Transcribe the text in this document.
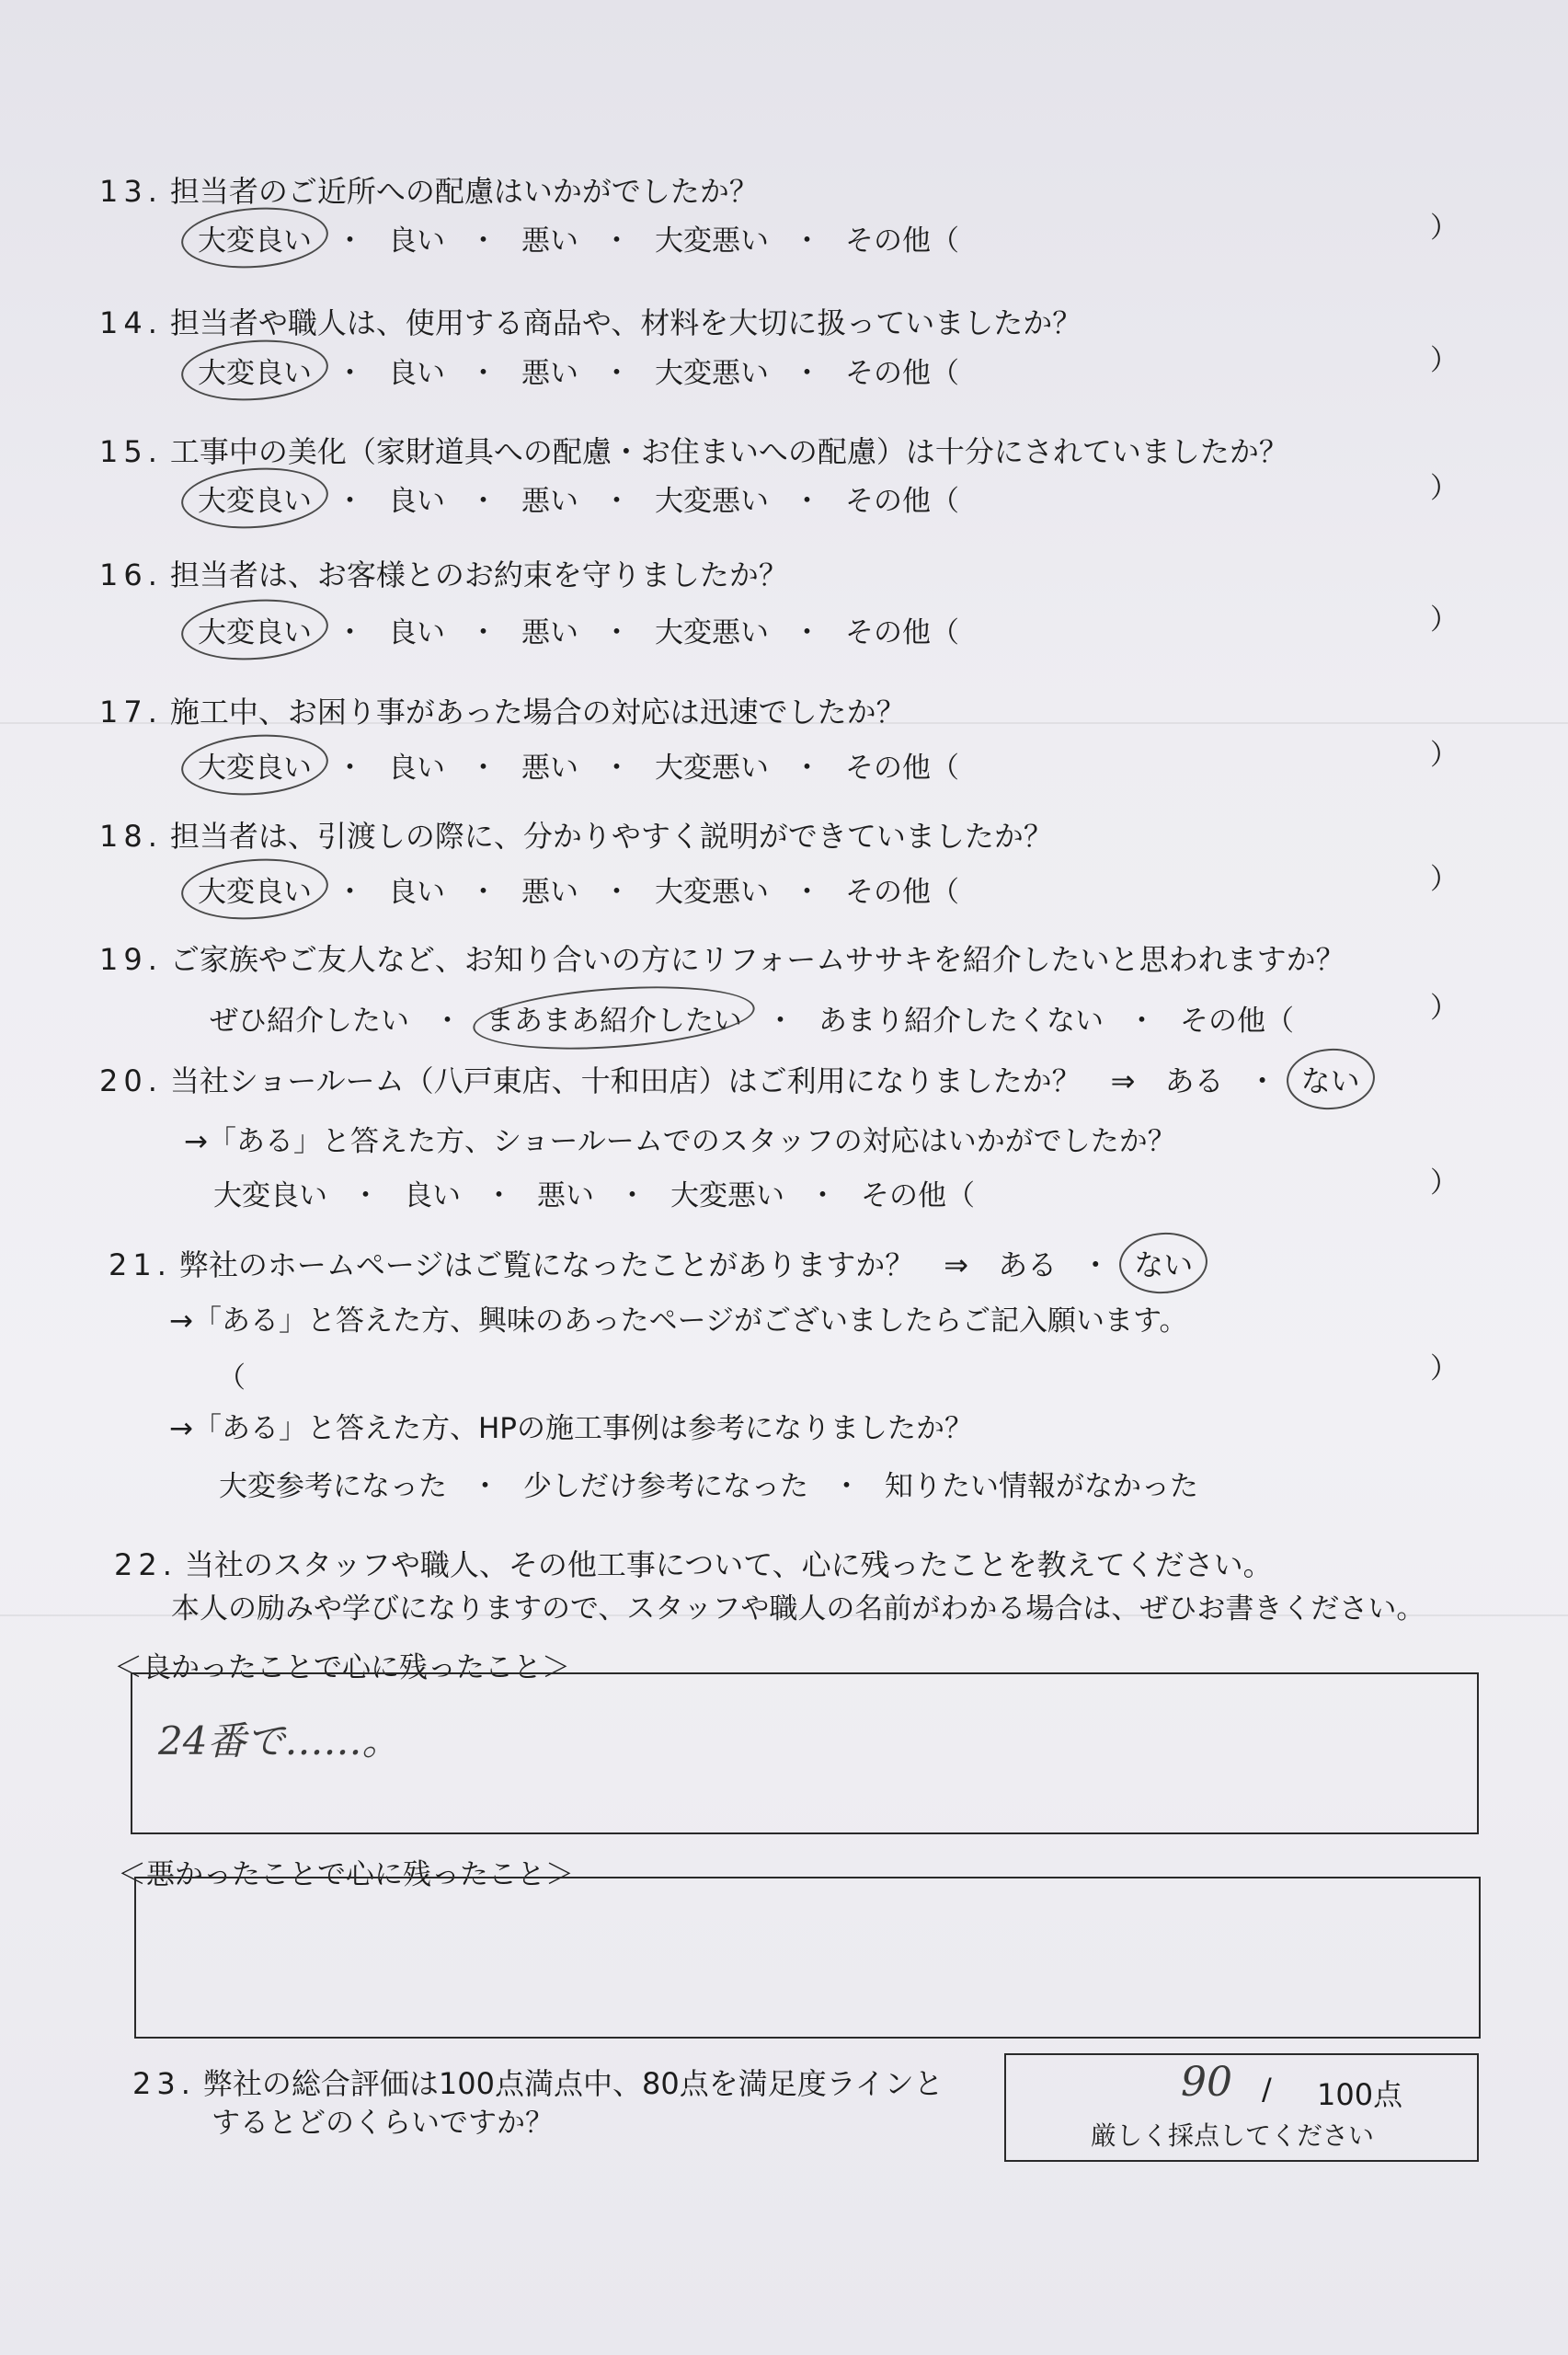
13. 担当者のご近所への配慮はいかがでしたか？
大変良い ・ 良い ・ 悪い ・ 大変悪い ・ その他（	）
14. 担当者や職人は、使用する商品や、材料を大切に扱っていましたか？
大変良い ・ 良い ・ 悪い ・ 大変悪い ・ その他（	）
15. 工事中の美化（家財道具への配慮・お住まいへの配慮）は十分にされていましたか？
大変良い ・ 良い ・ 悪い ・ 大変悪い ・ その他（	）
16. 担当者は、お客様とのお約束を守りましたか？
大変良い ・ 良い ・ 悪い ・ 大変悪い ・ その他（	）
17. 施工中、お困り事があった場合の対応は迅速でしたか？
大変良い ・ 良い ・ 悪い ・ 大変悪い ・ その他（	）
18. 担当者は、引渡しの際に、分かりやすく説明ができていましたか？
大変良い ・ 良い ・ 悪い ・ 大変悪い ・ その他（	）
19. ご家族やご友人など、お知り合いの方にリフォームササキを紹介したいと思われますか？
ぜひ紹介したい ・ まあまあ紹介したい ・ あまり紹介したくない ・ その他（	）
20. 当社ショールーム（八戸東店、十和田店）はご利用になりましたか？　⇒ ある ・ ない
→「ある」と答えた方、ショールームでのスタッフの対応はいかがでしたか？
大変良い ・ 良い ・ 悪い ・ 大変悪い ・ その他（	）
21. 弊社のホームページはご覧になったことがありますか？　⇒ ある ・ ない
→「ある」と答えた方、興味のあったページがございましたらご記入願います。
（	）
→「ある」と答えた方、HPの施工事例は参考になりましたか？
大変参考になった ・ 少しだけ参考になった ・ 知りたい情報がなかった
22. 当社のスタッフや職人、その他工事について、心に残ったことを教えてください。
本人の励みや学びになりますので、スタッフや職人の名前がわかる場合は、ぜひお書きください。
＜良かったことで心に残ったこと＞
24番で……。
＜悪かったことで心に残ったこと＞
23. 弊社の総合評価は100点満点中、80点を満足度ラインと
するとどのくらいですか？
90 / 100点
厳しく採点してください
